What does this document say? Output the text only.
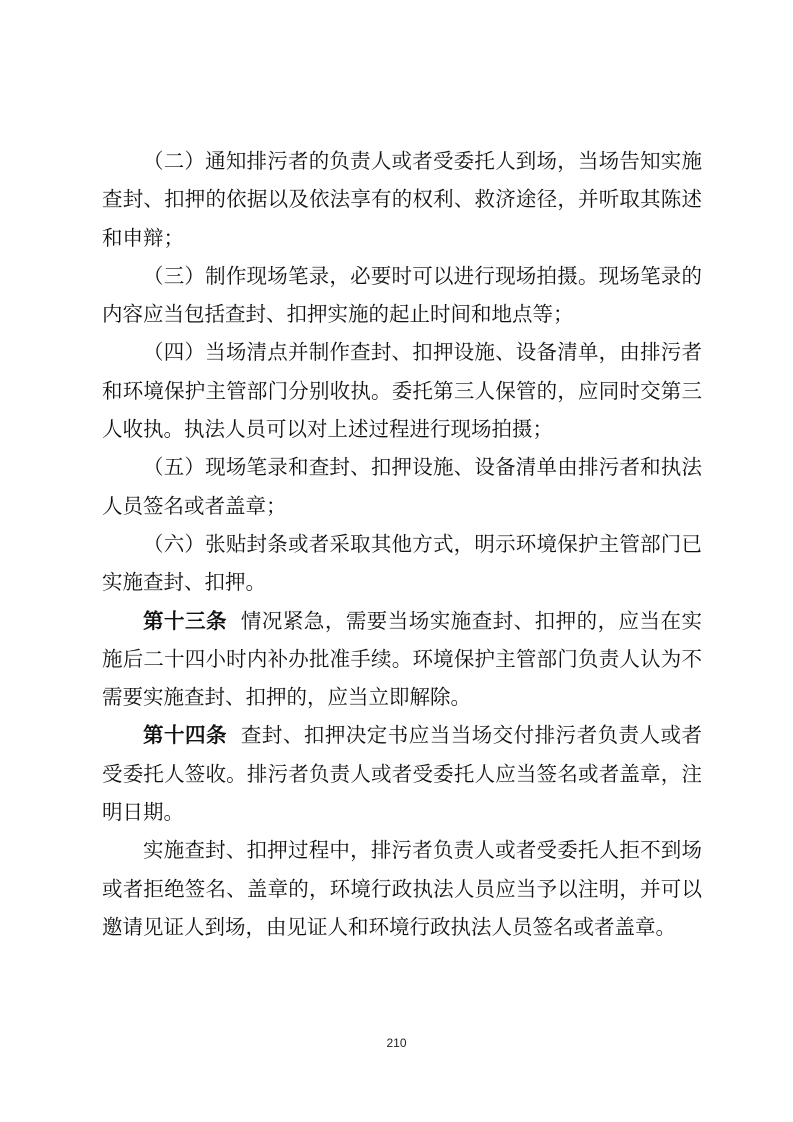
（二）通知排污者的负责人或者受委托人到场，当场告知实施查封、扣押的依据以及依法享有的权利、救济途径，并听取其陈述和申辩；

（三）制作现场笔录，必要时可以进行现场拍摄。现场笔录的内容应当包括查封、扣押实施的起止时间和地点等；

（四）当场清点并制作查封、扣押设施、设备清单，由排污者和环境保护主管部门分别收执。委托第三人保管的，应同时交第三人收执。执法人员可以对上述过程进行现场拍摄；

（五）现场笔录和查封、扣押设施、设备清单由排污者和执法人员签名或者盖章；

（六）张贴封条或者采取其他方式，明示环境保护主管部门已实施查封、扣押。

第十三条 情况紧急，需要当场实施查封、扣押的，应当在实施后二十四小时内补办批准手续。环境保护主管部门负责人认为不需要实施查封、扣押的，应当立即解除。

第十四条 查封、扣押决定书应当当场交付排污者负责人或者受委托人签收。排污者负责人或者受委托人应当签名或者盖章，注明日期。

实施查封、扣押过程中，排污者负责人或者受委托人拒不到场或者拒绝签名、盖章的，环境行政执法人员应当予以注明，并可以邀请见证人到场，由见证人和环境行政执法人员签名或者盖章。

210
